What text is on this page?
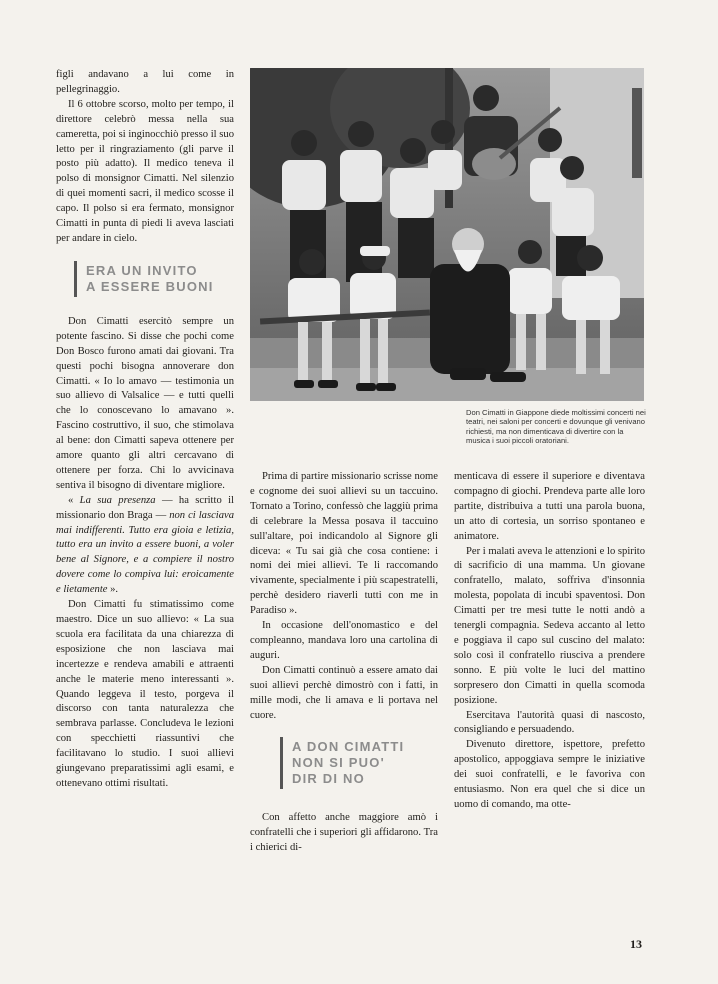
figli andavano a lui come in pellegrinaggio.

Il 6 ottobre scorso, molto per tempo, il direttore celebrò messa nella sua cameretta, poi si inginocchiò presso il suo letto per il ringraziamento (gli parve il posto più adatto). Il medico teneva il polso di monsignor Cimatti. Nel silenzio di quei momenti sacri, il medico scosse il capo. Il polso si era fermato, monsignor Cimatti in punta di piedi li aveva lasciati per andare in cielo.

ERA UN INVITO
A ESSERE BUONI

Don Cimatti esercitò sempre un potente fascino. Si disse che pochi come Don Bosco furono amati dai giovani. Tra questi pochi bisogna annoverare don Cimatti. « Io lo amavo — testimonia un suo allievo di Valsalice — e tutti quelli che lo conoscevano lo amavano ». Fascino costruttivo, il suo, che stimolava al bene: don Cimatti sapeva ottenere per amore quanto gli altri cercavano di ottenere per forza. Chi lo avvicinava sentiva il bisogno di diventare migliore.

« La sua presenza — ha scritto il missionario don Braga — non ci lasciava mai indifferenti. Tutto era gioia e letizia, tutto era un invito a essere buoni, a voler bene al Signore, e a compiere il nostro dovere come lo compiva lui: eroicamente e lietamente ».

Don Cimatti fu stimatissimo come maestro. Dice un suo allievo: « La sua scuola era facilitata da una chiarezza di esposizione che non lasciava mai incertezze e rendeva amabili e attraenti anche le materie meno interessanti ». Quando leggeva il testo, porgeva il discorso con tanta naturalezza che sembrava parlasse. Concludeva le lezioni con specchietti riassuntivi che facilitavano lo studio. I suoi allievi giungevano preparatissimi agli esami, e ottenevano ottimi risultati.

Don Cimatti in Giappone diede moltissimi concerti nei teatri, nei saloni per concerti e dovunque gli venivano richiesti, ma non dimenticava di divertire con la musica i suoi piccoli oratoriani.

Prima di partire missionario scrisse nome e cognome dei suoi allievi su un taccuino. Tornato a Torino, confessò che laggiù prima di celebrare la Messa posava il taccuino sull'altare, poi indicandolo al Signore gli diceva: « Tu sai già che cosa contiene: i nomi dei miei allievi. Te li raccomando vivamente, specialmente i più scapestratelli, perchè desidero riaverli tutti con me in Paradiso ».

In occasione dell'onomastico e del compleanno, mandava loro una cartolina di auguri.

Don Cimatti continuò a essere amato dai suoi allievi perchè dimostrò con i fatti, in mille modi, che li amava e li portava nel cuore.

A DON CIMATTI
NON SI PUO'
DIR DI NO

Con affetto anche maggiore amò i confratelli che i superiori gli affidarono. Tra i chierici di-

menticava di essere il superiore e diventava compagno di giochi. Prendeva parte alle loro partite, distribuiva a tutti una parola buona, un atto di cortesia, un sorriso spontaneo e animatore.

Per i malati aveva le attenzioni e lo spirito di sacrificio di una mamma. Un giovane confratello, malato, soffriva d'insonnia molesta, popolata di incubi spaventosi. Don Cimatti per tre mesi tutte le notti andò a tenergli compagnia. Sedeva accanto al letto e poggiava il capo sul cuscino del malato: solo così il confratello riusciva a prendere sonno. E più volte le luci del mattino sorpresero don Cimatti in quella scomoda posizione.

Esercitava l'autorità quasi di nascosto, consigliando e persuadendo.

Divenuto direttore, ispettore, prefetto apostolico, appoggiava sempre le iniziative dei suoi confratelli, e le favoriva con entusiasmo. Non era quel che si dice un uomo di comando, ma otte-

13
